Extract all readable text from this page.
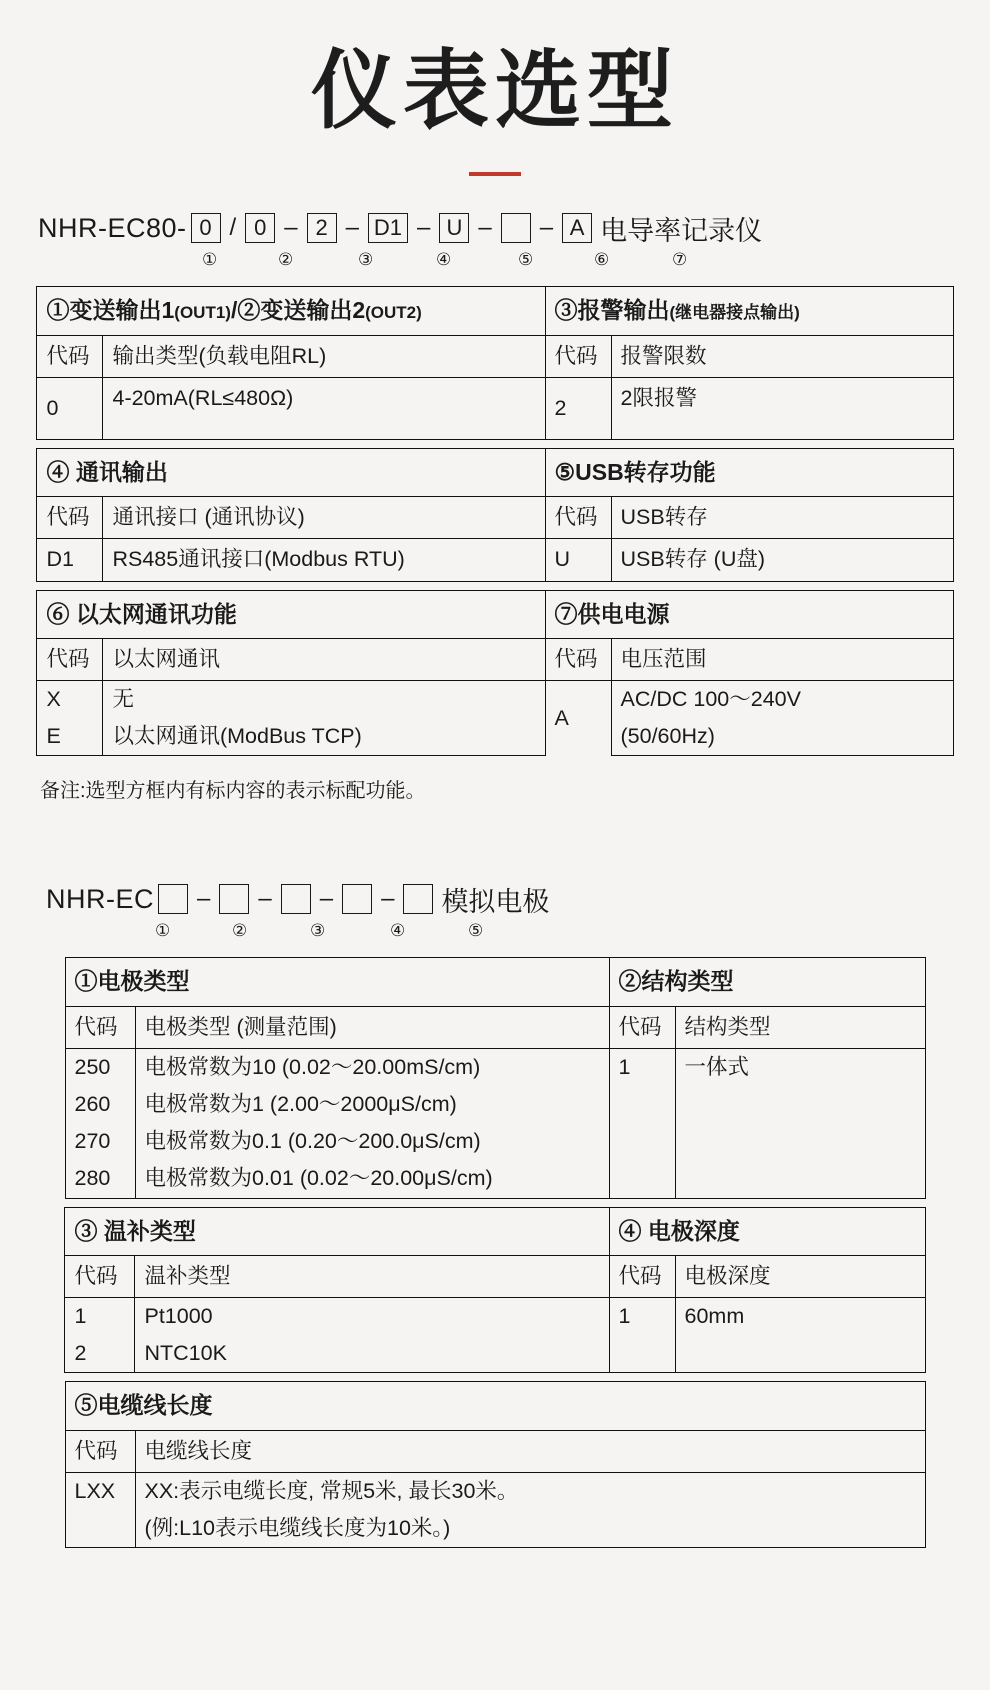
仪表选型
NHR-EC80- 0 / 0 – 2 – D1 – U – – A 电导率记录仪
①	②	③	④	⑤	⑥	⑦
①变送输出1(OUT1)/②变送输出2(OUT2)		③报警输出(继电器接点输出)	
代码	输出类型(负载电阻RL)	代码	报警限数
0	4-20mA(RL≤480Ω)	2	2限报警
④ 通讯输出		⑤USB转存功能	
代码	通讯接口 (通讯协议)	代码	USB转存
D1	RS485通讯接口(Modbus RTU)	U	USB转存 (U盘)
⑥ 以太网通讯功能		⑦供电电源	
代码	以太网通讯	代码	电压范围
X	无	A	AC/DC 100～240V
E	以太网通讯(ModBus TCP)		(50/60Hz)
备注:选型方框内有标内容的表示标配功能。
NHR-EC – – – – 模拟电极
①	②	③	④	⑤
①电极类型		②结构类型	
代码	电极类型 (测量范围)	代码	结构类型
250	电极常数为10 (0.02～20.00mS/cm)	1	一体式
260	电极常数为1 (2.00～2000μS/cm)		
270	电极常数为0.1 (0.20～200.0μS/cm)		
280	电极常数为0.01 (0.02～20.00μS/cm)		
③ 温补类型		④ 电极深度	
代码	温补类型	代码	电极深度
1	Pt1000	1	60mm
2	NTC10K		
⑤电缆线长度	
代码	电缆线长度
LXX	XX:表示电缆长度, 常规5米, 最长30米。
	(例:L10表示电缆线长度为10米。)
